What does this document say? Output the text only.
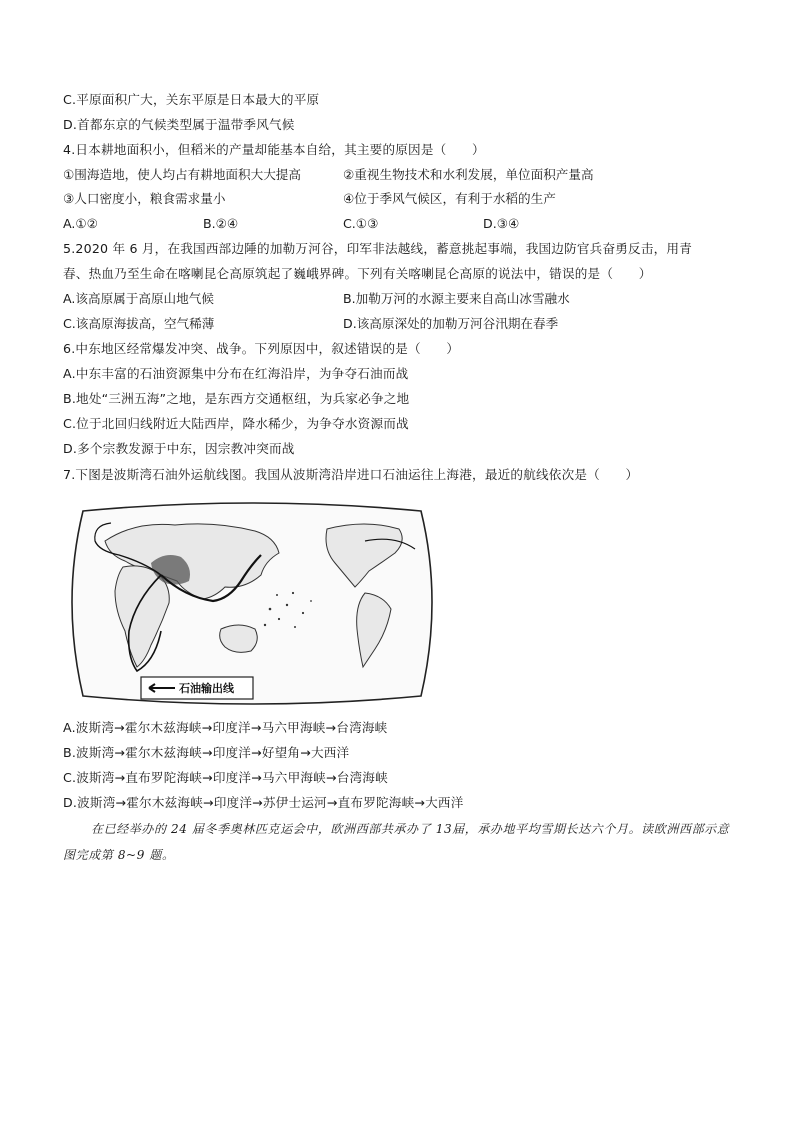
C.平原面积广大，关东平原是日本最大的平原
D.首都东京的气候类型属于温带季风气候
4.日本耕地面积小，但稻米的产量却能基本自给，其主要的原因是（　　）
①围海造地，使人均占有耕地面积大大提高	②重视生物技术和水利发展，单位面积产量高
③人口密度小，粮食需求量小	④位于季风气候区，有利于水稻的生产
A.①②	B.②④	C.①③	D.③④
5.2020 年 6 月，在我国西部边陲的加勒万河谷，印军非法越线，蓄意挑起事端，我国边防官兵奋勇反击，用青
春、热血乃至生命在喀喇昆仑高原筑起了巍峨界碑。下列有关喀喇昆仑高原的说法中，错误的是（　　）
A.该高原属于高原山地气候	B.加勒万河的水源主要来自高山冰雪融水
C.该高原海拔高，空气稀薄	D.该高原深处的加勒万河谷汛期在春季
6.中东地区经常爆发冲突、战争。下列原因中，叙述错误的是（　　）
A.中东丰富的石油资源集中分布在红海沿岸，为争夺石油而战
B.地处“三洲五海”之地，是东西方交通枢纽，为兵家必争之地
C.位于北回归线附近大陆西岸，降水稀少，为争夺水资源而战
D.多个宗教发源于中东，因宗教冲突而战
7.下图是波斯湾石油外运航线图。我国从波斯湾沿岸进口石油运往上海港，最近的航线依次是（　　）
石油输出线
A.波斯湾→霍尔木兹海峡→印度洋→马六甲海峡→台湾海峡
B.波斯湾→霍尔木兹海峡→印度洋→好望角→大西洋
C.波斯湾→直布罗陀海峡→印度洋→马六甲海峡→台湾海峡
D.波斯湾→霍尔木兹海峡→印度洋→苏伊士运河→直布罗陀海峡→大西洋
在已经举办的 24 届冬季奥林匹克运会中，欧洲西部共承办了 13届，承办地平均雪期长达六个月。读欧洲西部示意图完成第 8~9 题。
